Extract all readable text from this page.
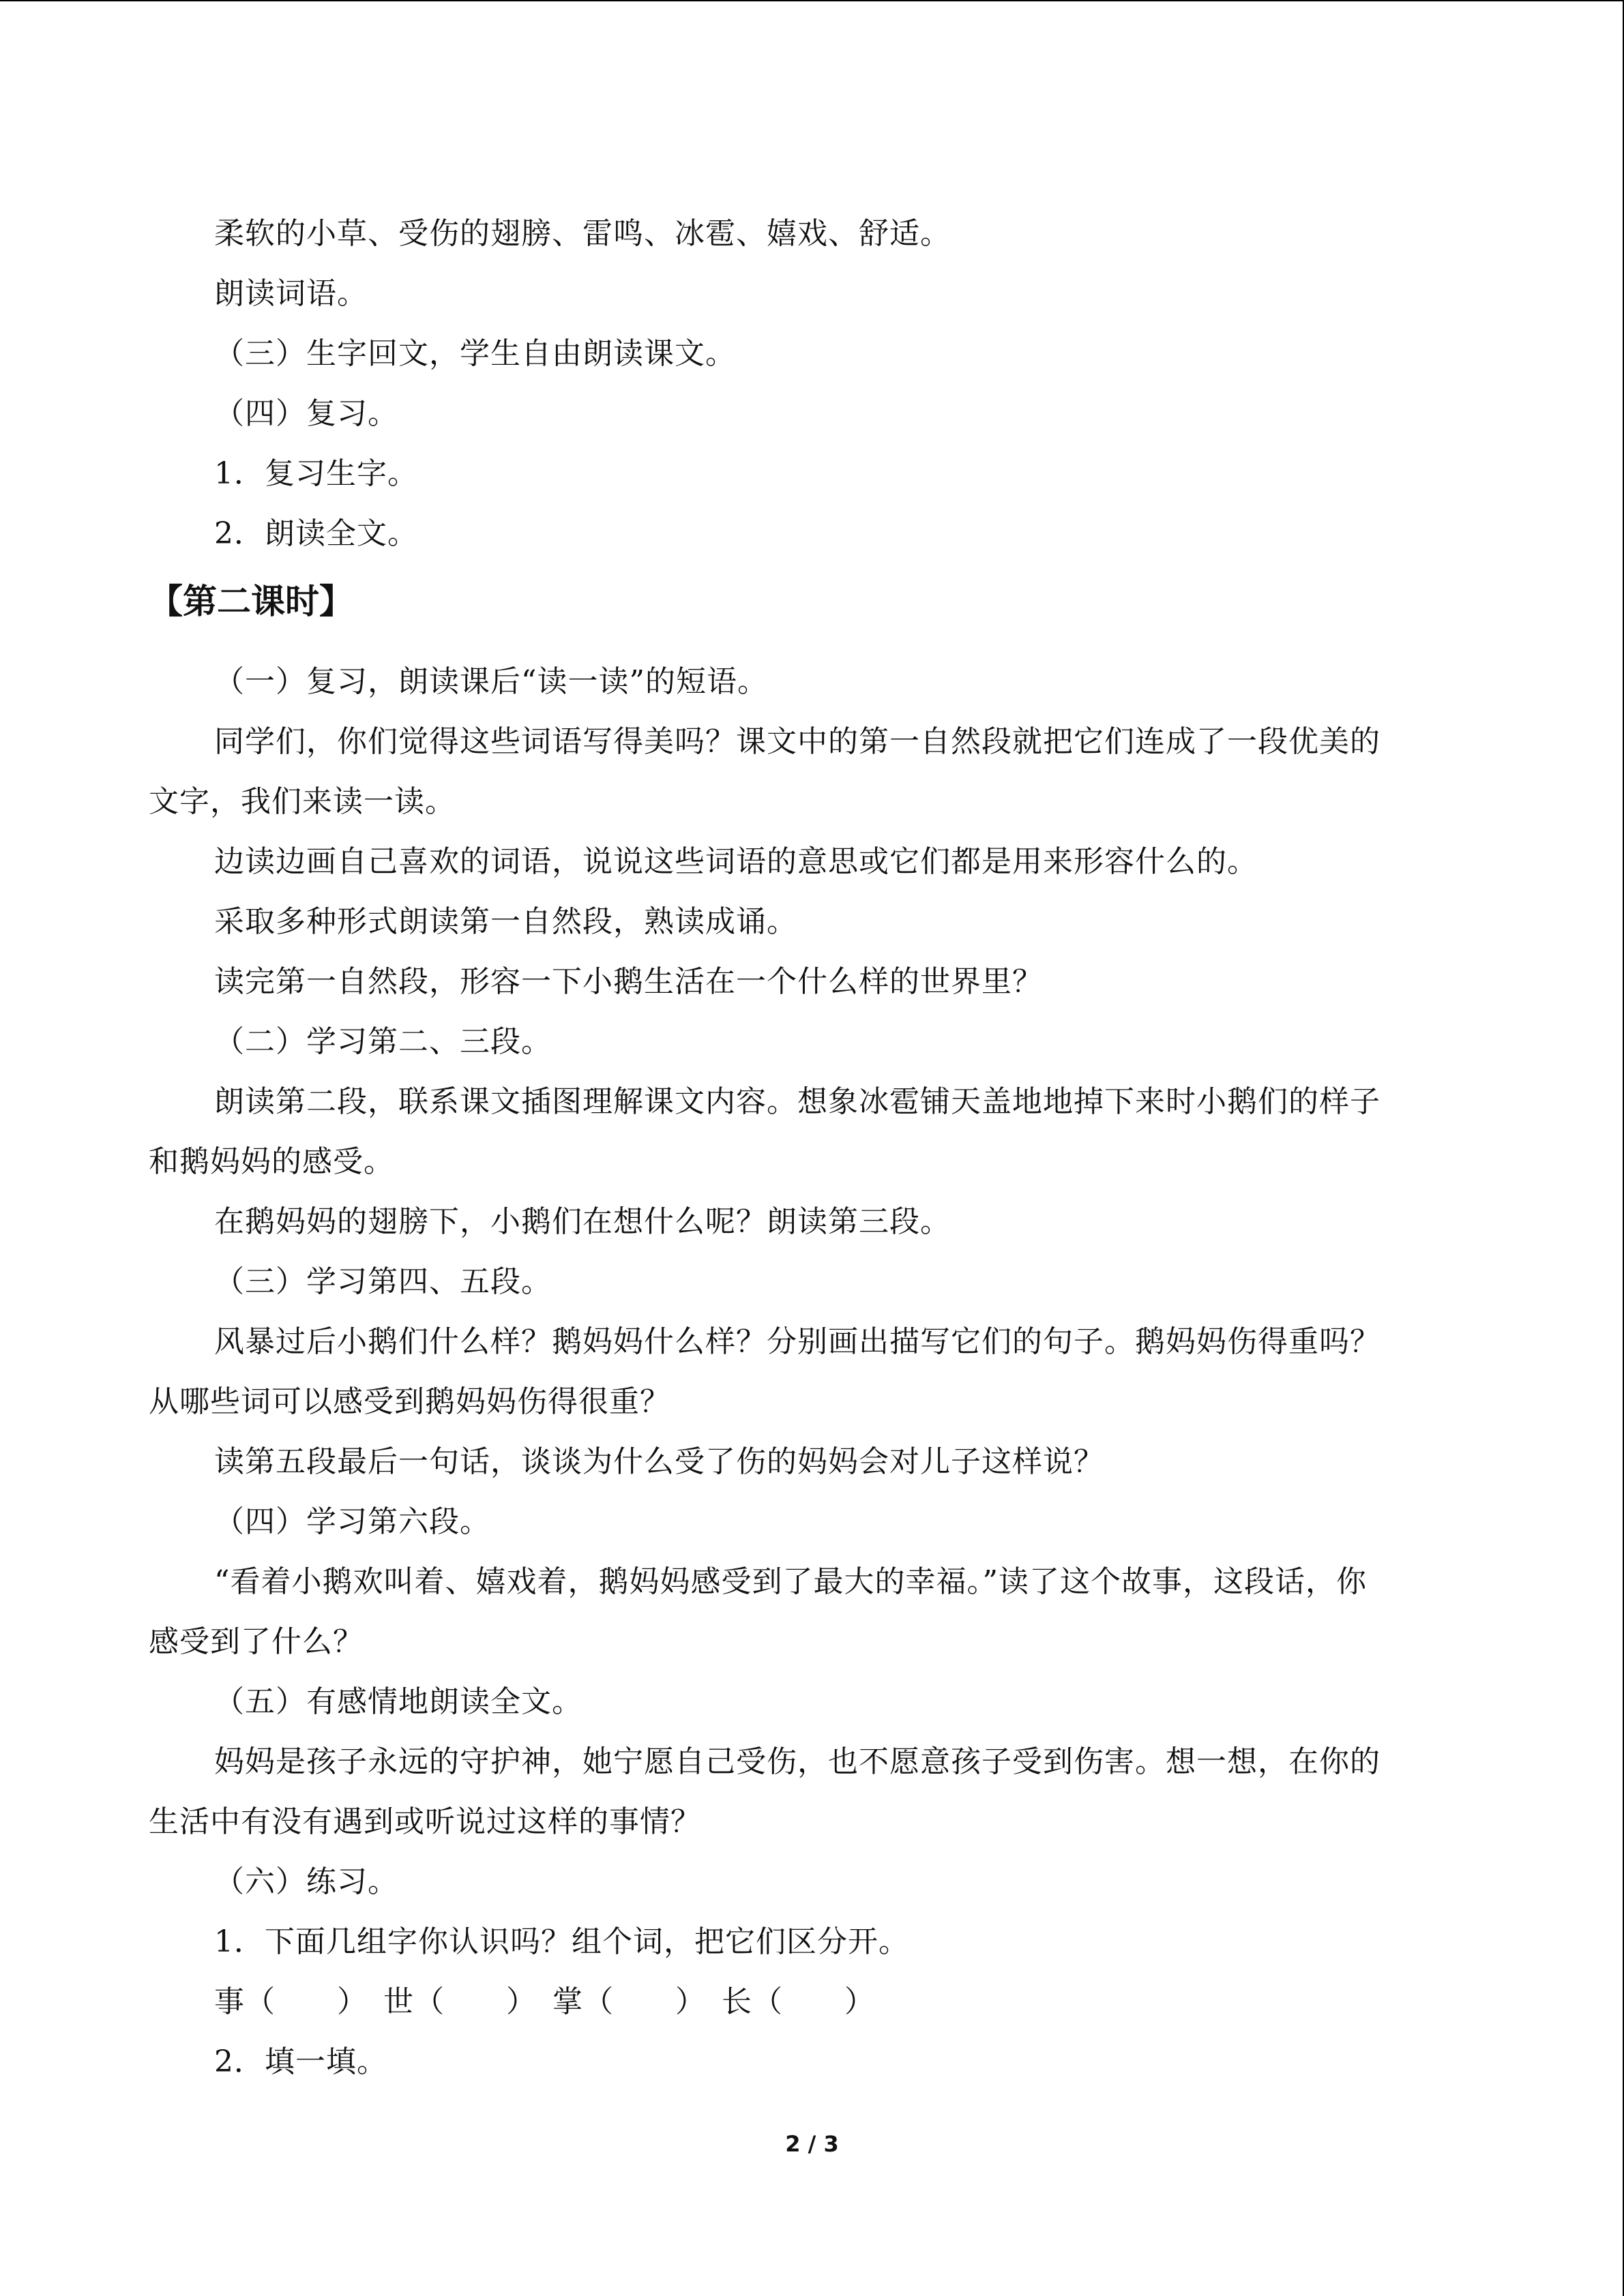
柔软的小草、受伤的翅膀、雷鸣、冰雹、嬉戏、舒适。
朗读词语。
（三）生字回文，学生自由朗读课文。
（四）复习。
1．复习生字。
2．朗读全文。
【第二课时】
（一）复习，朗读课后“读一读”的短语。
同学们，你们觉得这些词语写得美吗？课文中的第一自然段就把它们连成了一段优美的
文字，我们来读一读。
边读边画自己喜欢的词语，说说这些词语的意思或它们都是用来形容什么的。
采取多种形式朗读第一自然段，熟读成诵。
读完第一自然段，形容一下小鹅生活在一个什么样的世界里？
（二）学习第二、三段。
朗读第二段，联系课文插图理解课文内容。想象冰雹铺天盖地地掉下来时小鹅们的样子
和鹅妈妈的感受。
在鹅妈妈的翅膀下，小鹅们在想什么呢？朗读第三段。
（三）学习第四、五段。
风暴过后小鹅们什么样？鹅妈妈什么样？分别画出描写它们的句子。鹅妈妈伤得重吗？
从哪些词可以感受到鹅妈妈伤得很重？
读第五段最后一句话，谈谈为什么受了伤的妈妈会对儿子这样说？
（四）学习第六段。
“看着小鹅欢叫着、嬉戏着，鹅妈妈感受到了最大的幸福。”读了这个故事，这段话，你
感受到了什么？
（五）有感情地朗读全文。
妈妈是孩子永远的守护神，她宁愿自己受伤，也不愿意孩子受到伤害。想一想，在你的
生活中有没有遇到或听说过这样的事情？
（六）练习。
1．下面几组字你认识吗？组个词，把它们区分开。
事（　　）　世（　　）　掌（　　）　长（　　）
2．填一填。
2 / 3
